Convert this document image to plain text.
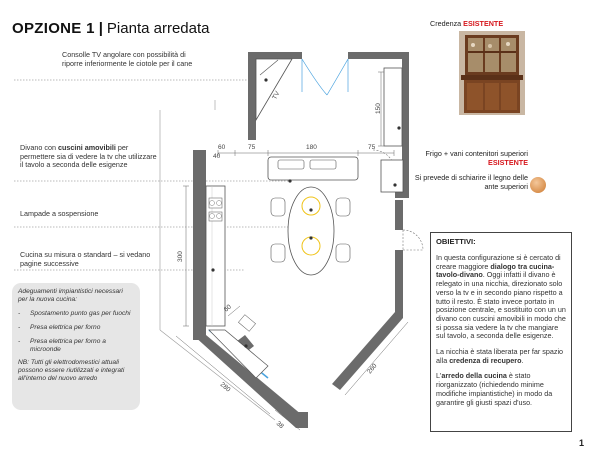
OPZIONE 1 | Pianta arredata
TV
150
60
40
75	180	75
300
60
280
260
38
Consolle TV angolare con possibilità di riporre inferiormente le ciotole per il cane
Divano con cuscini amovibili per permettere sia di vedere la tv che utilizzare il tavolo a seconda delle esigenze
Lampade a sospensione
Cucina su misura o standard – si vedano pagine successive
Credenza ESISTENTE
Frigo + vani contenitori superiori ESISTENTE
Si prevede di schiarire il legno delle ante superiori
OBIETTIVI:

In questa configurazione si è cercato di creare maggiore dialogo tra cucina-tavolo-divano. Oggi infatti il divano è relegato in una nicchia, direzionato solo verso la tv e in secondo piano rispetto a tutto il resto. È stato invece portato in posizione centrale, e sostituito con un un divano con cuscini amovibili in modo che si possa sia vedere la tv che mangiare sul tavolo, a seconda delle esigenze.

La nicchia è stata liberata per far spazio alla credenza di recupero.

L'arredo della cucina è stato riorganizzato (richiedendo minime modifiche impiantistiche) in modo da garantire gli giusti spazi d'uso.

Adeguamenti impiantistici necessari per la nuova cucina:

- Spostamento punto gas per fuochi
- Presa elettrica per forno
- Presa elettrica per forno a microonde

NB: Tutti gli elettrodomestici attuali possono essere riutilizzati e integrati all'interno del nuovo arredo

1
